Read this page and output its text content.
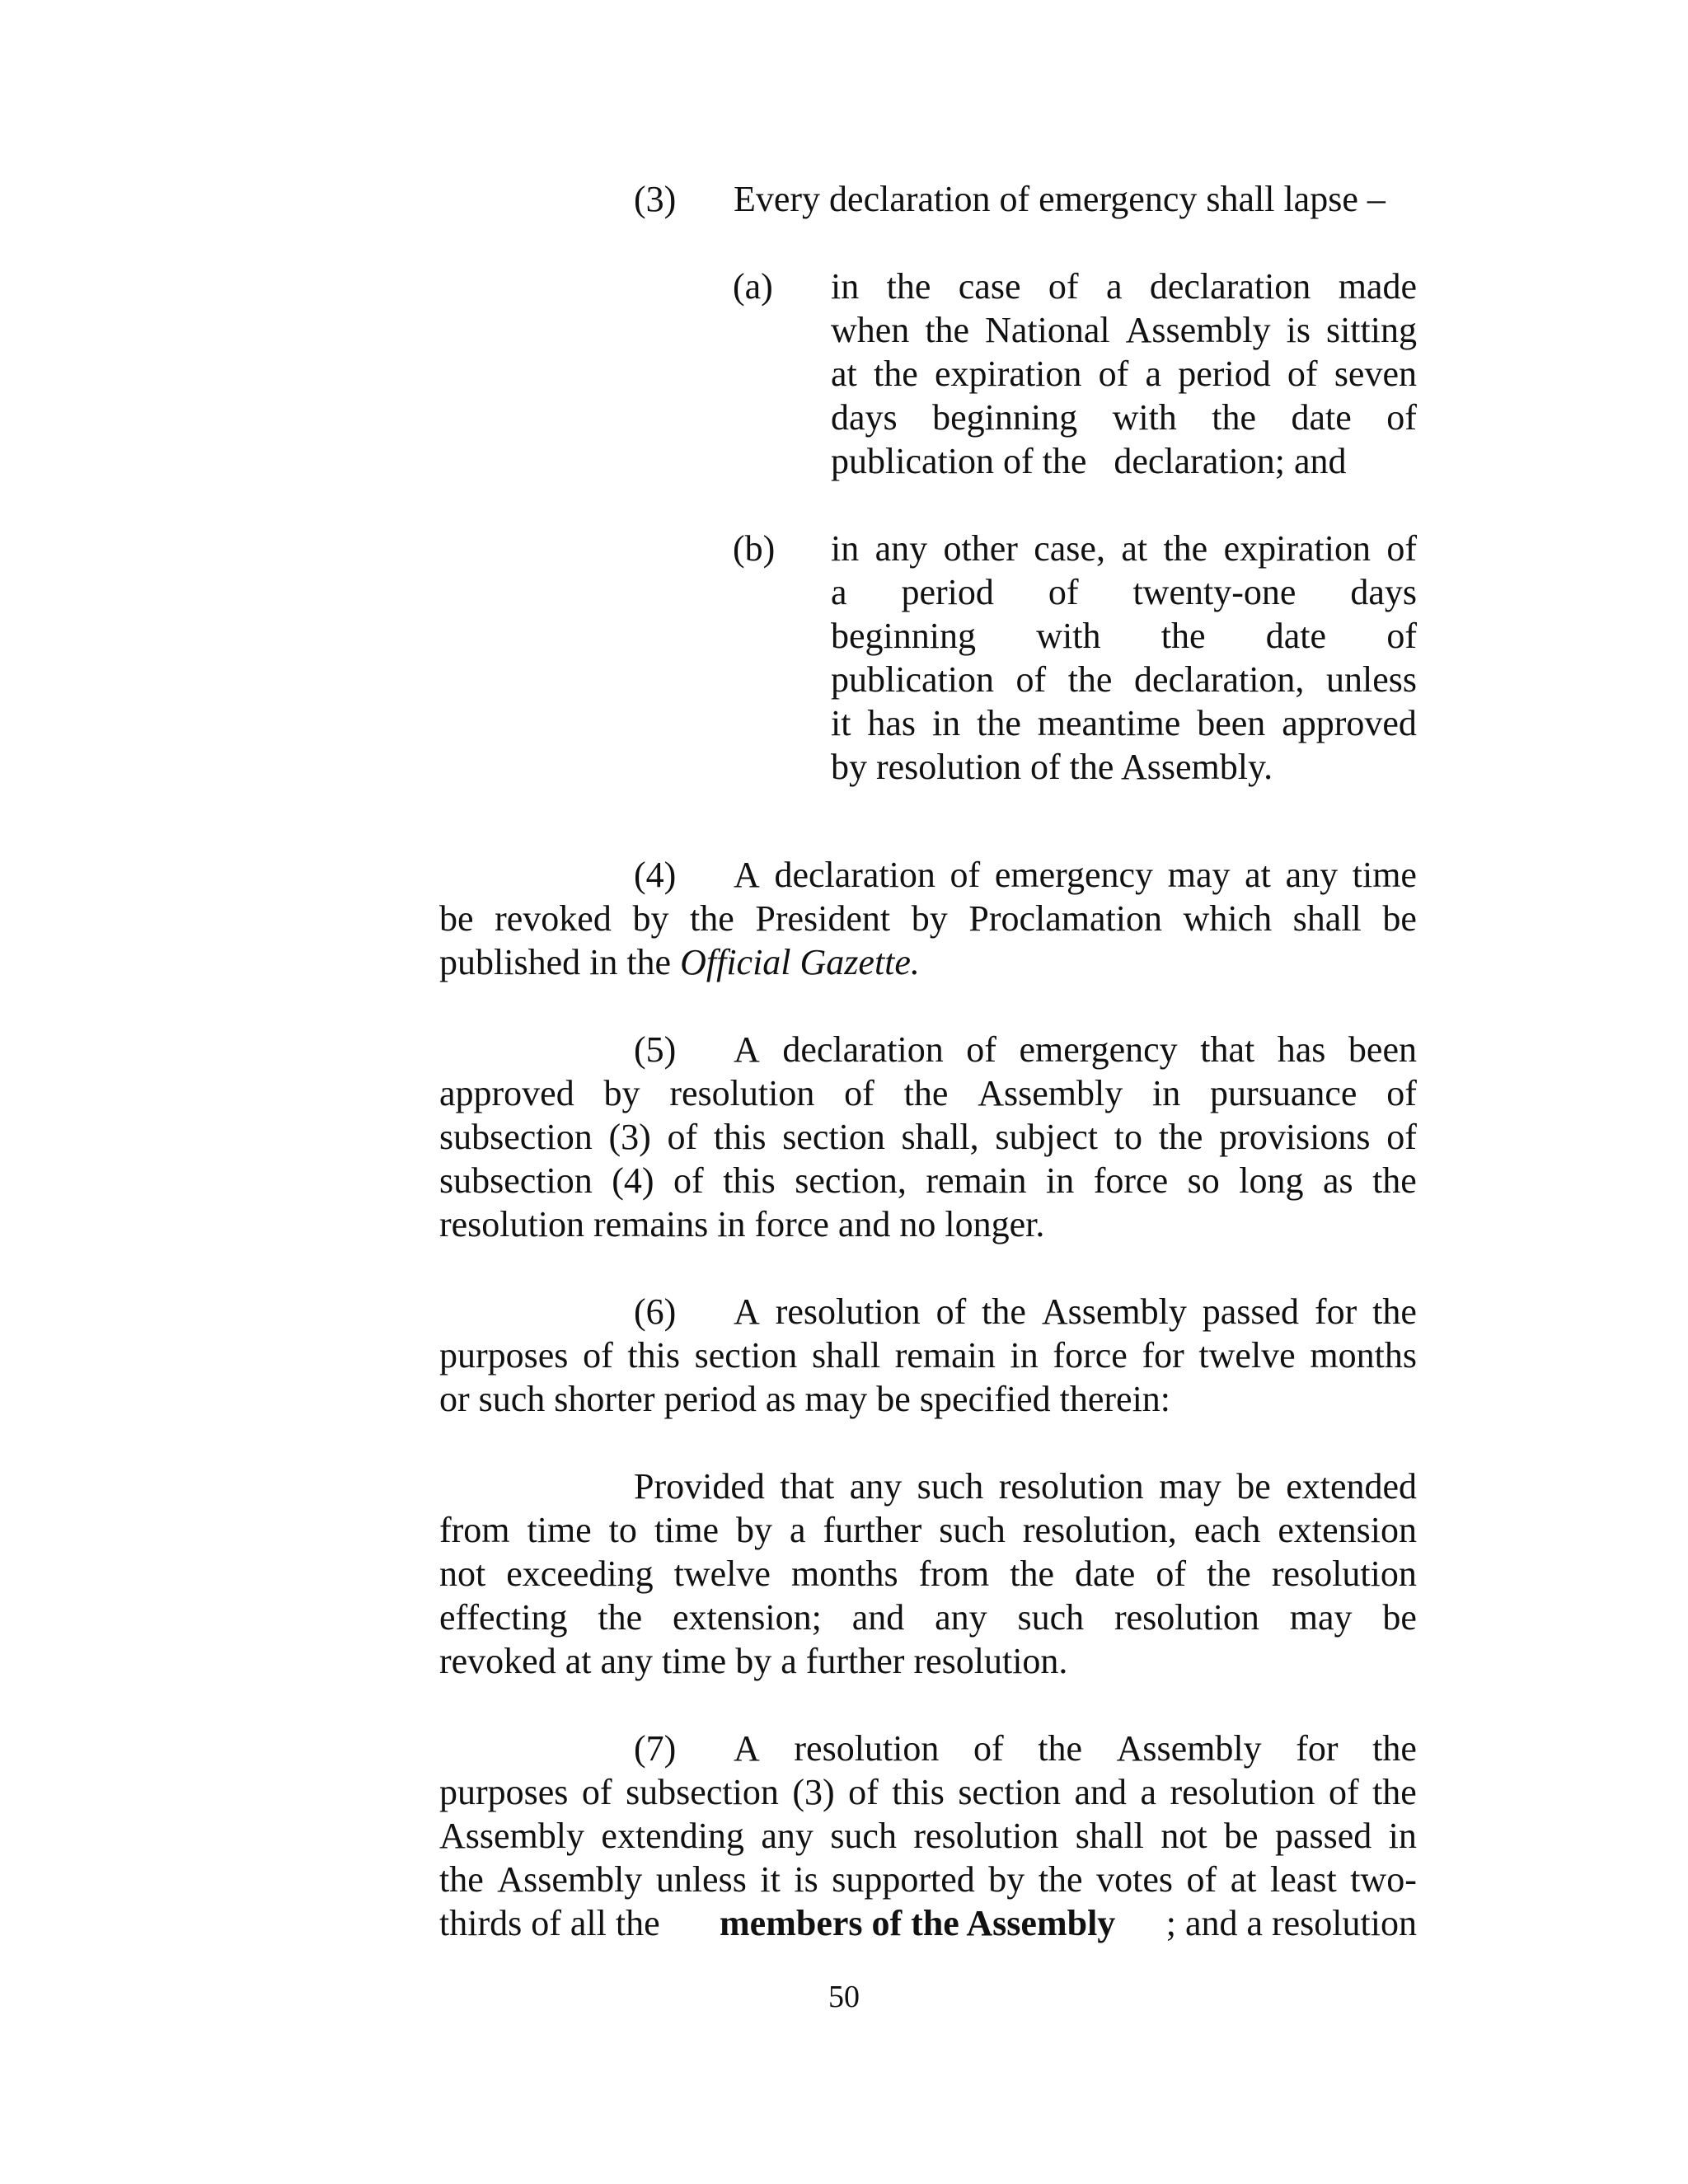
(3) Every declaration of emergency shall lapse –
(a) in the case of a declaration made
when the National Assembly is sitting
at the expiration of a period of seven
days beginning with the date of
publication of the   declaration; and
(b) in any other case, at the expiration of
a period of twenty-one days
beginning with the date of
publication of the declaration, unless
it has in the meantime been approved
by resolution of the Assembly.
(4) A declaration of emergency may at any time
be revoked by the President by Proclamation which shall be
published in the Official Gazette.
(5) A declaration of emergency that has been
approved by resolution of the Assembly in pursuance of
subsection (3) of this section shall, subject to the provisions of
subsection (4) of this section, remain in force so long as the
resolution remains in force and no longer.
(6) A resolution of the Assembly passed for the
purposes of this section shall remain in force for twelve months
or such shorter period as may be specified therein:
Provided that any such resolution may be extended
from time to time by a further such resolution, each extension
not exceeding twelve months from the date of the resolution
effecting the extension; and any such resolution may be
revoked at any time by a further resolution.
(7) A resolution of the Assembly for the
purposes of subsection (3) of this section and a resolution of the
Assembly extending any such resolution shall not be passed in
the Assembly unless it is supported by the votes of at least two-
thirds of all the members of the Assembly ; and a resolution
50
